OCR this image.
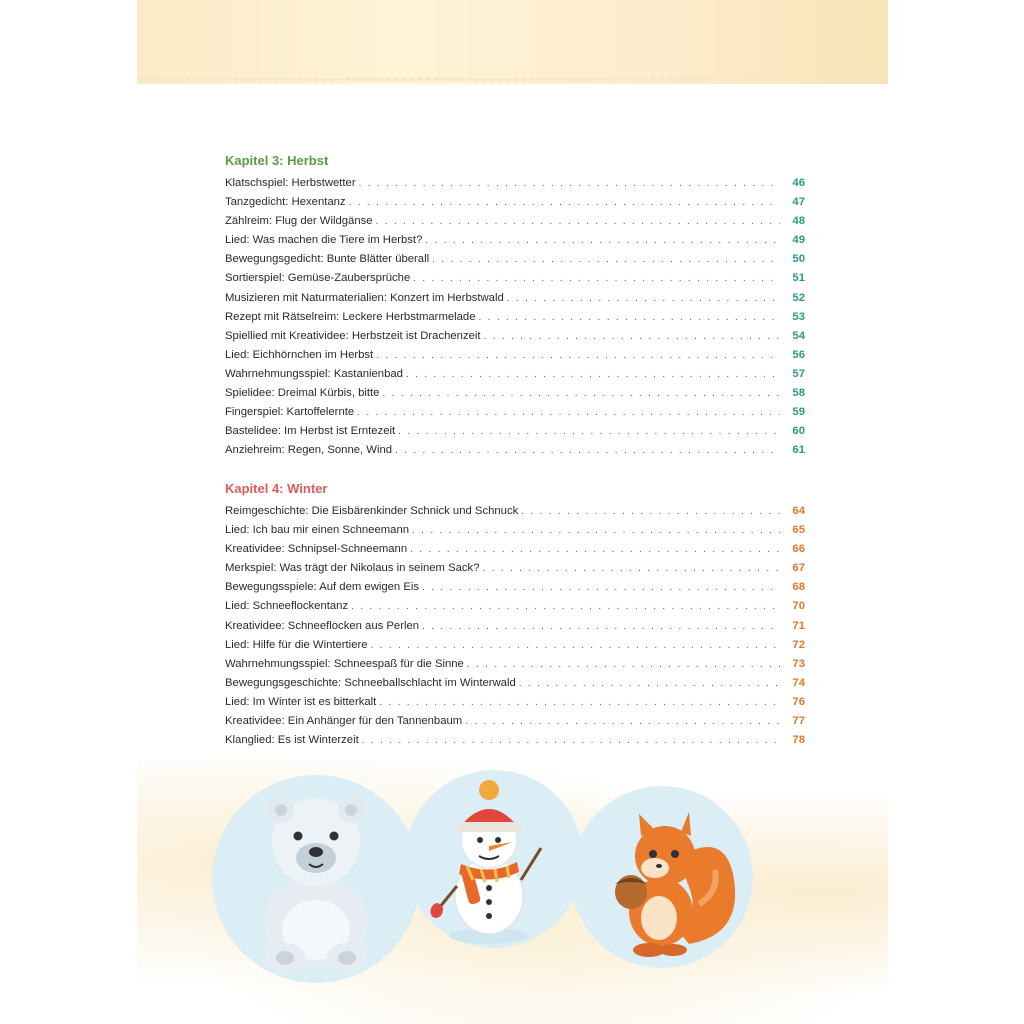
Kapitel 3: Herbst
Klatschspiel: Herbstwetter . . .	46
Tanzgedicht: Hexentanz . . .	47
Zählreim: Flug der Wildgänse . . .	48
Lied: Was machen die Tiere im Herbst? . . .	49
Bewegungsgedicht: Bunte Blätter überall . . .	50
Sortierspiel: Gemüse-Zaubersprüche . . .	51
Musizieren mit Naturmaterialien: Konzert im Herbstwald . . .	52
Rezept mit Rätselreim: Leckere Herbstmarmelade . . .	53
Spiellied mit Kreatividee: Herbstzeit ist Drachenzeit . . .	54
Lied: Eichhörnchen im Herbst . . .	56
Wahrnehmungsspiel: Kastanienbad . . .	57
Spielidee: Dreimal Kürbis, bitte . . .	58
Fingerspiel: Kartoffelernte . . .	59
Bastelidee: Im Herbst ist Erntezeit . . .	60
Anziehreim: Regen, Sonne, Wind . . .	61
Kapitel 4: Winter
Reimgeschichte: Die Eisbärenkinder Schnick und Schnuck . . .	64
Lied: Ich bau mir einen Schneemann . . .	65
Kreatividee: Schnipsel-Schneemann . . .	66
Merkspiel: Was trägt der Nikolaus in seinem Sack? . . .	67
Bewegungsspiele: Auf dem ewigen Eis . . .	68
Lied: Schneeflockentanz . . .	70
Kreatividee: Schneeflocken aus Perlen . . .	71
Lied: Hilfe für die Wintertiere . . .	72
Wahrnehmungsspiel: Schneespaß für die Sinne . . .	73
Bewegungsgeschichte: Schneeballschlacht im Winterwald . . .	74
Lied: Im Winter ist es bitterkalt . . .	76
Kreatividee: Ein Anhänger für den Tannenbaum . . .	77
Klanglied: Es ist Winterzeit . . .	78
